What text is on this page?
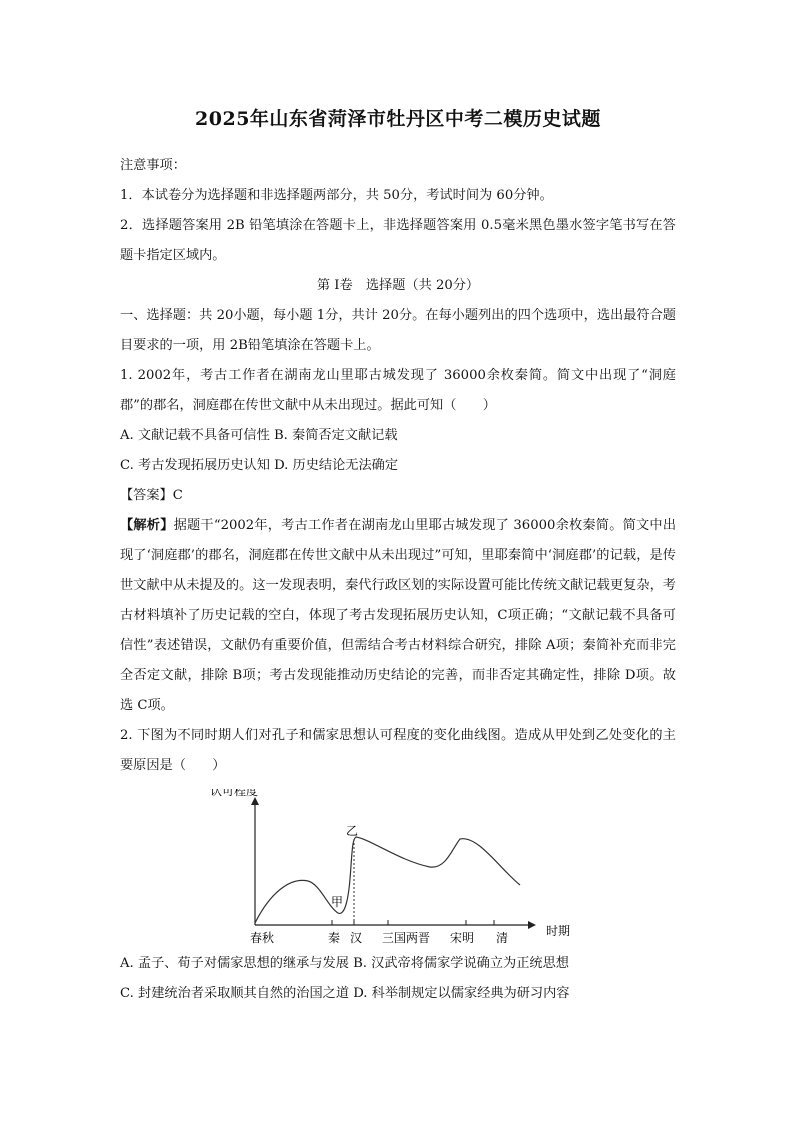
2025年山东省菏泽市牡丹区中考二模历史试题

注意事项：

1．本试卷分为选择题和非选择题两部分，共 50分，考试时间为 60分钟。

2．选择题答案用 2B 铅笔填涂在答题卡上，非选择题答案用 0.5毫米黑色墨水签字笔书写在答题卡指定区域内。

第 I卷　选择题（共 20分）

一、选择题：共 20小题，每小题 1分，共计 20分。在每小题列出的四个选项中，选出最符合题目要求的一项，用 2B铅笔填涂在答题卡上。

1. 2002年，考古工作者在湖南龙山里耶古城发现了 36000余枚秦简。简文中出现了“洞庭郡”的郡名，洞庭郡在传世文献中从未出现过。据此可知（　　）

A. 文献记载不具备可信性 B. 秦简否定文献记载

C. 考古发现拓展历史认知 D. 历史结论无法确定

【答案】C

【解析】据题干“2002年，考古工作者在湖南龙山里耶古城发现了 36000余枚秦简。简文中出现了‘洞庭郡’的郡名，洞庭郡在传世文献中从未出现过”可知，里耶秦简中‘洞庭郡’的记载，是传世文献中从未提及的。这一发现表明，秦代行政区划的实际设置可能比传统文献记载更复杂，考古材料填补了历史记载的空白，体现了考古发现拓展历史认知，C项正确；“文献记载不具备可信性”表述错误，文献仍有重要价值，但需结合考古材料综合研究，排除 A项；秦简补充而非完全否定文献，排除 B项；考古发现能推动历史结论的完善，而非否定其确定性，排除 D项。故选 C项。

2. 下图为不同时期人们对孔子和儒家思想认可程度的变化曲线图。造成从甲处到乙处变化的主要原因是（　　）

认可程度
时期
甲
乙
春秋	秦 汉 三国两晋 宋明 清

A. 孟子、荀子对儒家思想的继承与发展 B. 汉武帝将儒家学说确立为正统思想

C. 封建统治者采取顺其自然的治国之道 D. 科举制规定以儒家经典为研习内容
